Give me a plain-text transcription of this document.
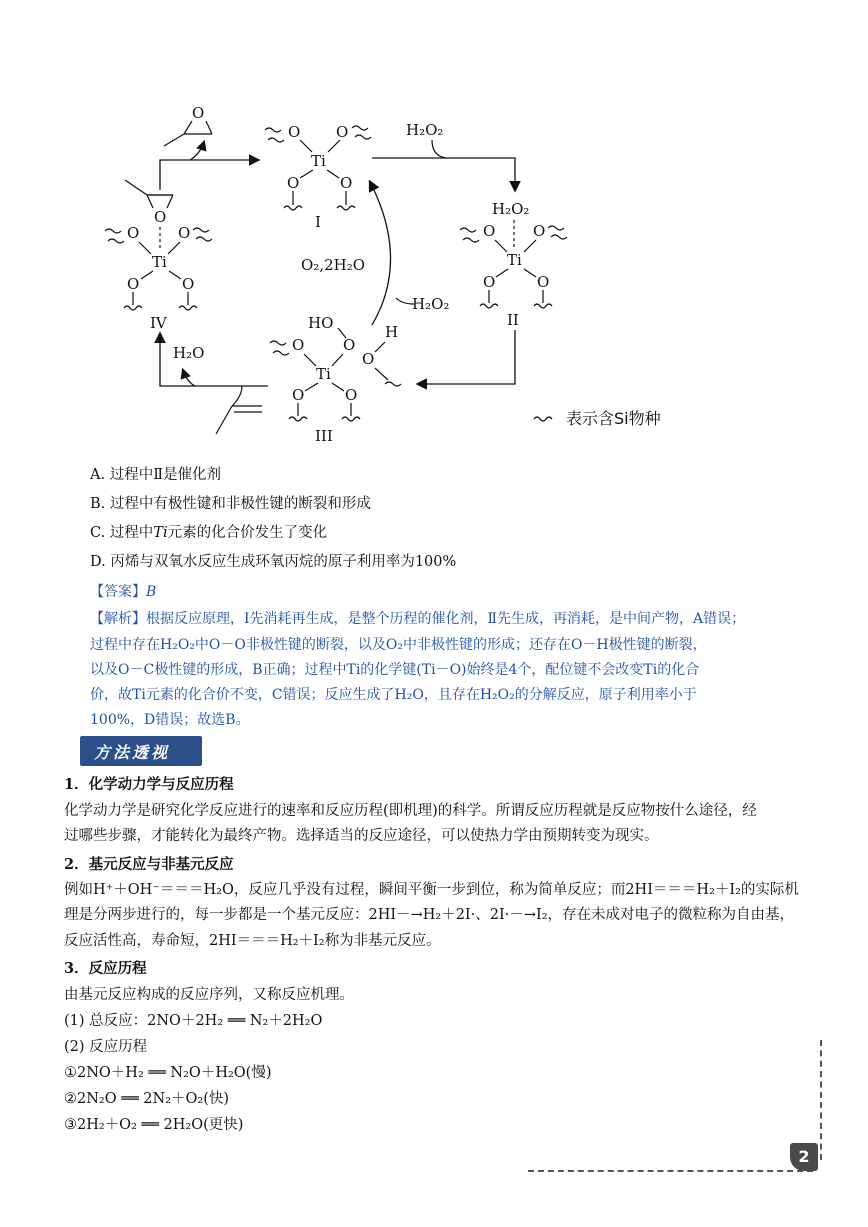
O O
Ti
O	O
I
H₂O₂
O	O
Ti
O	O
II
HO
O
H
O
O
Ti
O	O
III
O
O	O
Ti
O	O
IV
H₂O₂
H₂O
O
H₂O₂
O₂,2H₂O
表示含Si物种
A. 过程中Ⅱ是催化剂
B. 过程中有极性键和非极性键的断裂和形成
C. 过程中Ti元素的化合价发生了变化
D. 丙烯与双氧水反应生成环氧丙烷的原子利用率为100%
【答案】B
【解析】根据反应原理，Ⅰ先消耗再生成，是整个历程的催化剂，Ⅱ先生成，再消耗，是中间产物，A错误；
过程中存在H₂O₂中O－O非极性键的断裂，以及O₂中非极性键的形成；还存在O－H极性键的断裂，
以及O－C极性键的形成，B正确；过程中Ti的化学键(Ti－O)始终是4个，配位键不会改变Ti的化合
价，故Ti元素的化合价不变，C错误；反应生成了H₂O，且存在H₂O₂的分解反应，原子利用率小于
100%，D错误；故选B。
方法透视
1．化学动力学与反应历程
化学动力学是研究化学反应进行的速率和反应历程(即机理)的科学。所谓反应历程就是反应物按什么途径，经
过哪些步骤，才能转化为最终产物。选择适当的反应途径，可以使热力学由预期转变为现实。
2．基元反应与非基元反应
例如H⁺＋OH⁻＝＝＝H₂O，反应几乎没有过程，瞬间平衡一步到位，称为简单反应；而2HI＝＝＝H₂＋I₂的实际机
理是分两步进行的，每一步都是一个基元反应：2HI－→H₂＋2I·、2I·－→I₂，存在未成对电子的微粒称为自由基，
反应活性高，寿命短，2HI＝＝＝H₂＋I₂称为非基元反应。
3．反应历程
由基元反应构成的反应序列，又称反应机理。
(1) 总反应：2NO＋2H₂ ══ N₂＋2H₂O
(2) 反应历程
①2NO＋H₂ ══ N₂O＋H₂O(慢)
②2N₂O ══ 2N₂＋O₂(快)
③2H₂＋O₂ ══ 2H₂O(更快)
2
